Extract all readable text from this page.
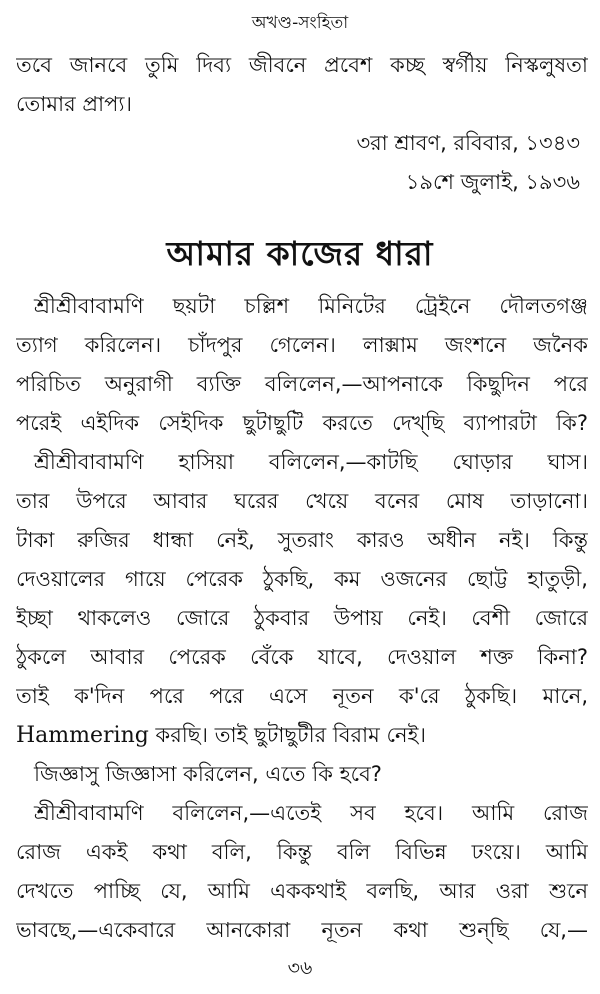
অখণ্ড-সংহিতা
তবে জানবে তুমি দিব্য জীবনে প্রবেশ কচ্ছ স্বর্গীয় নিস্কলুষতা
তোমার প্রাপ্য।
৩রা শ্রাবণ, রবিবার, ১৩৪৩
১৯শে জুলাই, ১৯৩৬
আমার কাজের ধারা
শ্রীশ্রীবাবামণি ছয়টা চল্লিশ মিনিটের ট্রেইনে দৌলতগঞ্জ
ত্যাগ করিলেন। চাঁদপুর গেলেন। লাক্সাম জংশনে জনৈক
পরিচিত অনুরাগী ব্যক্তি বলিলেন,—আপনাকে কিছুদিন পরে
পরেই এইদিক সেইদিক ছুটাছুটি করতে দেখ্‌ছি ব্যাপারটা কি?
শ্রীশ্রীবাবামণি হাসিয়া বলিলেন,—কাটছি ঘোড়ার ঘাস।
তার উপরে আবার ঘরের খেয়ে বনের মোষ তাড়ানো।
টাকা রুজির ধান্ধা নেই, সুতরাং কারও অধীন নই। কিন্তু
দেওয়ালের গায়ে পেরেক ঠুকছি, কম ওজনের ছোট্ট হাতুড়ী,
ইচ্ছা থাকলেও জোরে ঠুকবার উপায় নেই। বেশী জোরে
ঠুকলে আবার পেরেক বেঁকে যাবে, দেওয়াল শক্ত কিনা?
তাই ক'দিন পরে পরে এসে নূতন ক'রে ঠুকছি। মানে,
Hammering করছি। তাই ছুটাছুটীর বিরাম নেই।
জিজ্ঞাসু জিজ্ঞাসা করিলেন, এতে কি হবে?
শ্রীশ্রীবাবামণি বলিলেন,—এতেই সব হবে। আমি রোজ
রোজ একই কথা বলি, কিন্তু বলি বিভিন্ন ঢংয়ে। আমি
দেখতে পাচ্ছি যে, আমি এককথাই বলছি, আর ওরা শুনে
ভাবছে,—একেবারে আনকোরা নূতন কথা শুন্‌ছি যে,—
৩৬
